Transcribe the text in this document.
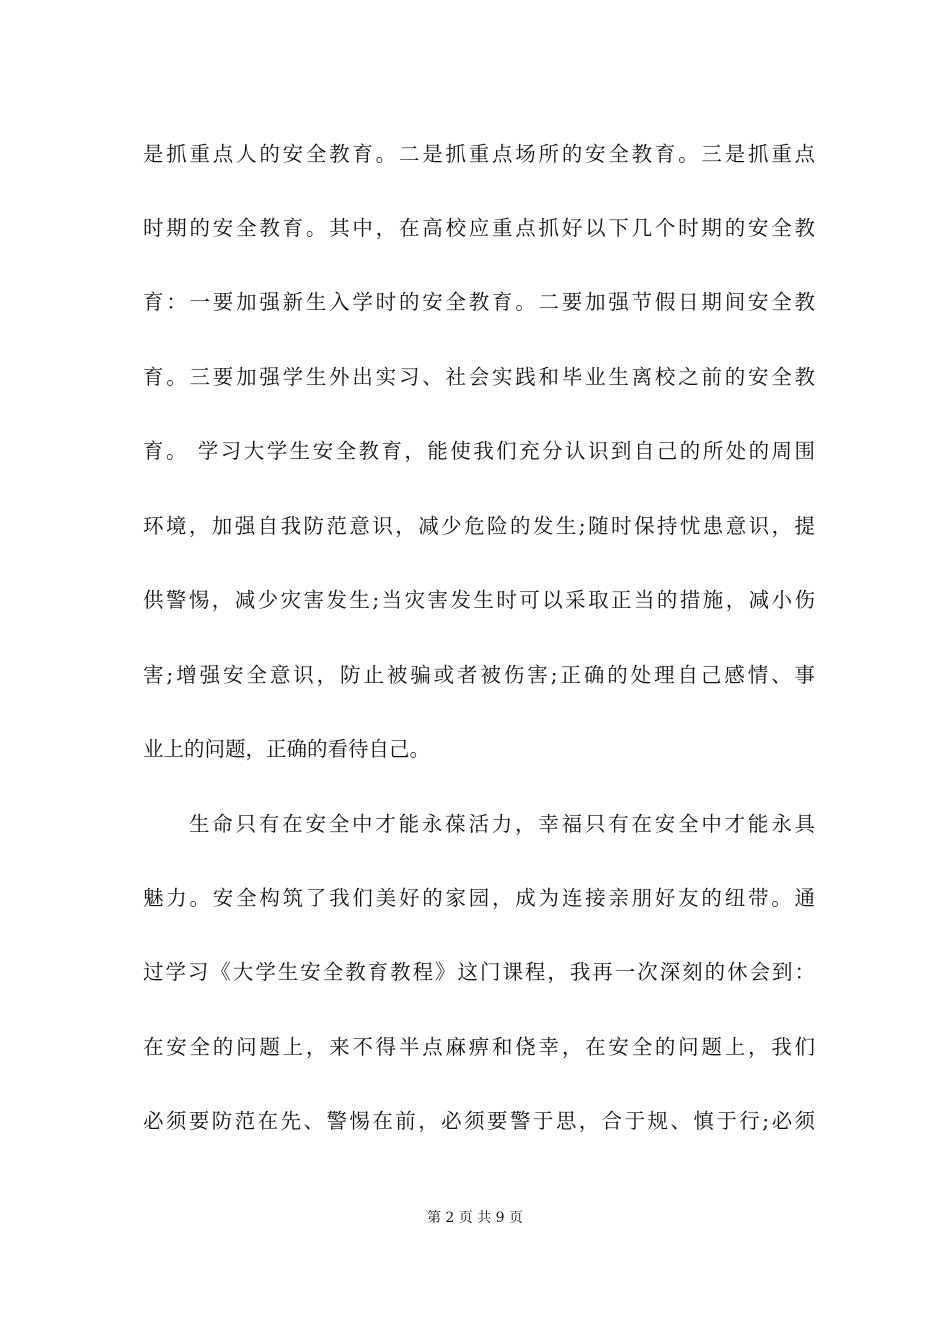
是抓重点人的安全教育。二是抓重点场所的安全教育。三是抓重点

时期的安全教育。其中，在高校应重点抓好以下几个时期的安全教

育：一要加强新生入学时的安全教育。二要加强节假日期间安全教

育。三要加强学生外出实习、社会实践和毕业生离校之前的安全教

育。 学习大学生安全教育，能使我们充分认识到自己的所处的周围

环境，加强自我防范意识，减少危险的发生;随时保持忧患意识，提

供警惕，减少灾害发生;当灾害发生时可以采取正当的措施，减小伤

害;增强安全意识，防止被骗或者被伤害;正确的处理自己感情、事

业上的问题，正确的看待自己。

生命只有在安全中才能永葆活力，幸福只有在安全中才能永具

魅力。安全构筑了我们美好的家园，成为连接亲朋好友的纽带。通

过学习《大学生安全教育教程》这门课程，我再一次深刻的休会到：

在安全的问题上，来不得半点麻痹和侥幸，在安全的问题上，我们

必须要防范在先、警惕在前，必须要警于思，合于规、慎于行;必须

第 2 页 共 9 页
